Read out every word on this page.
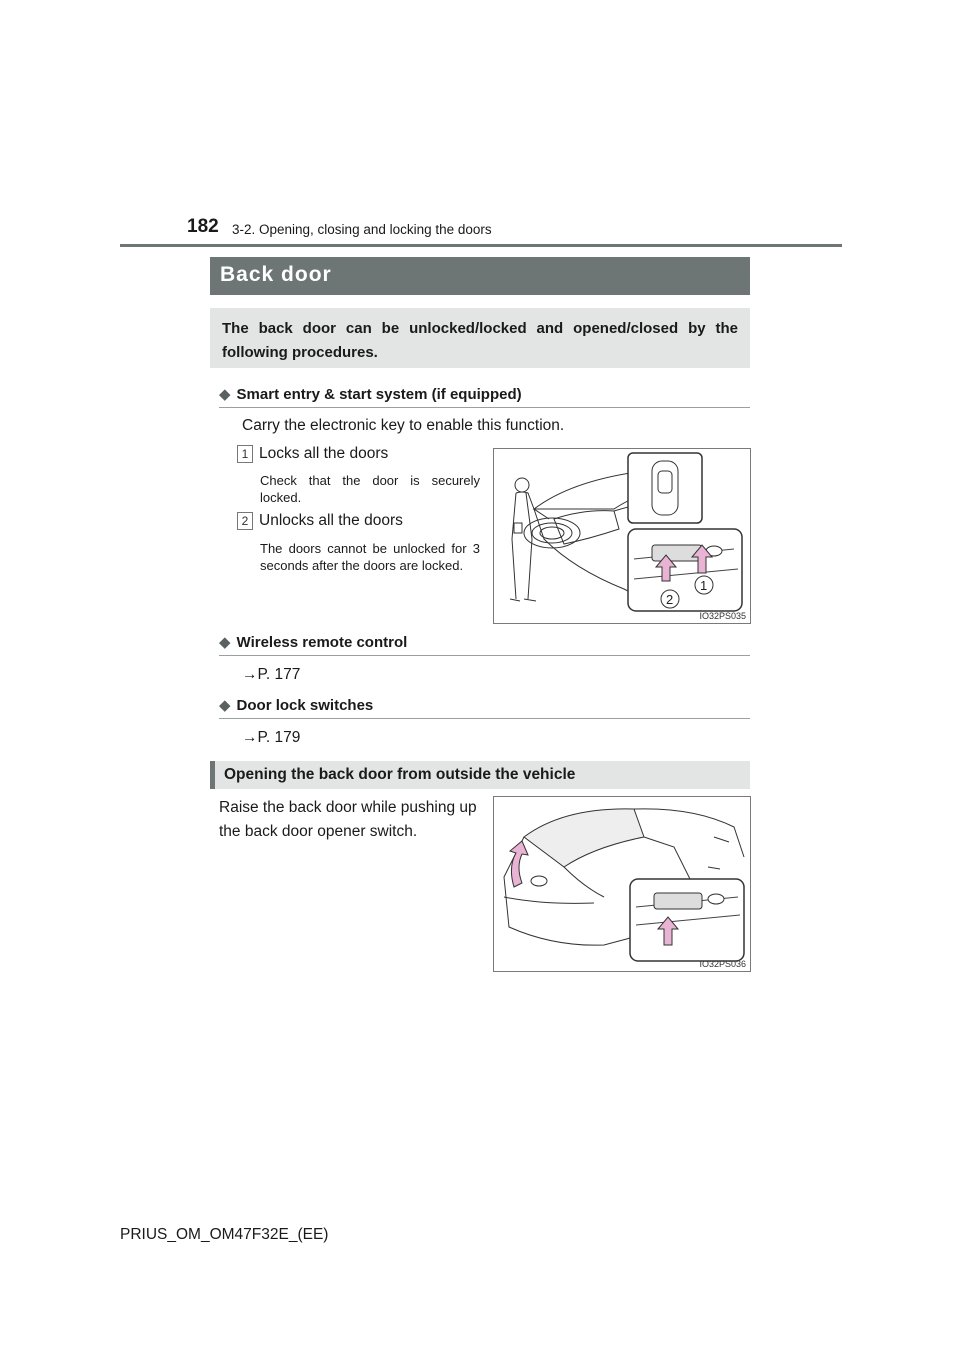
182 3-2. Opening, closing and locking the doors
Back door
The back door can be unlocked/locked and opened/closed by the following procedures.
◆ Smart entry & start system (if equipped)
Carry the electronic key to enable this function.
1 Locks all the doors
Check that the door is securely locked.
2 Unlocks all the doors
The doors cannot be unlocked for 3 seconds after the doors are locked.
1
2
IO32PS035
◆ Wireless remote control
→P. 177
◆ Door lock switches
→P. 179
Opening the back door from outside the vehicle
Raise the back door while pushing up the back door opener switch.
IO32PS036
PRIUS_OM_OM47F32E_(EE)
